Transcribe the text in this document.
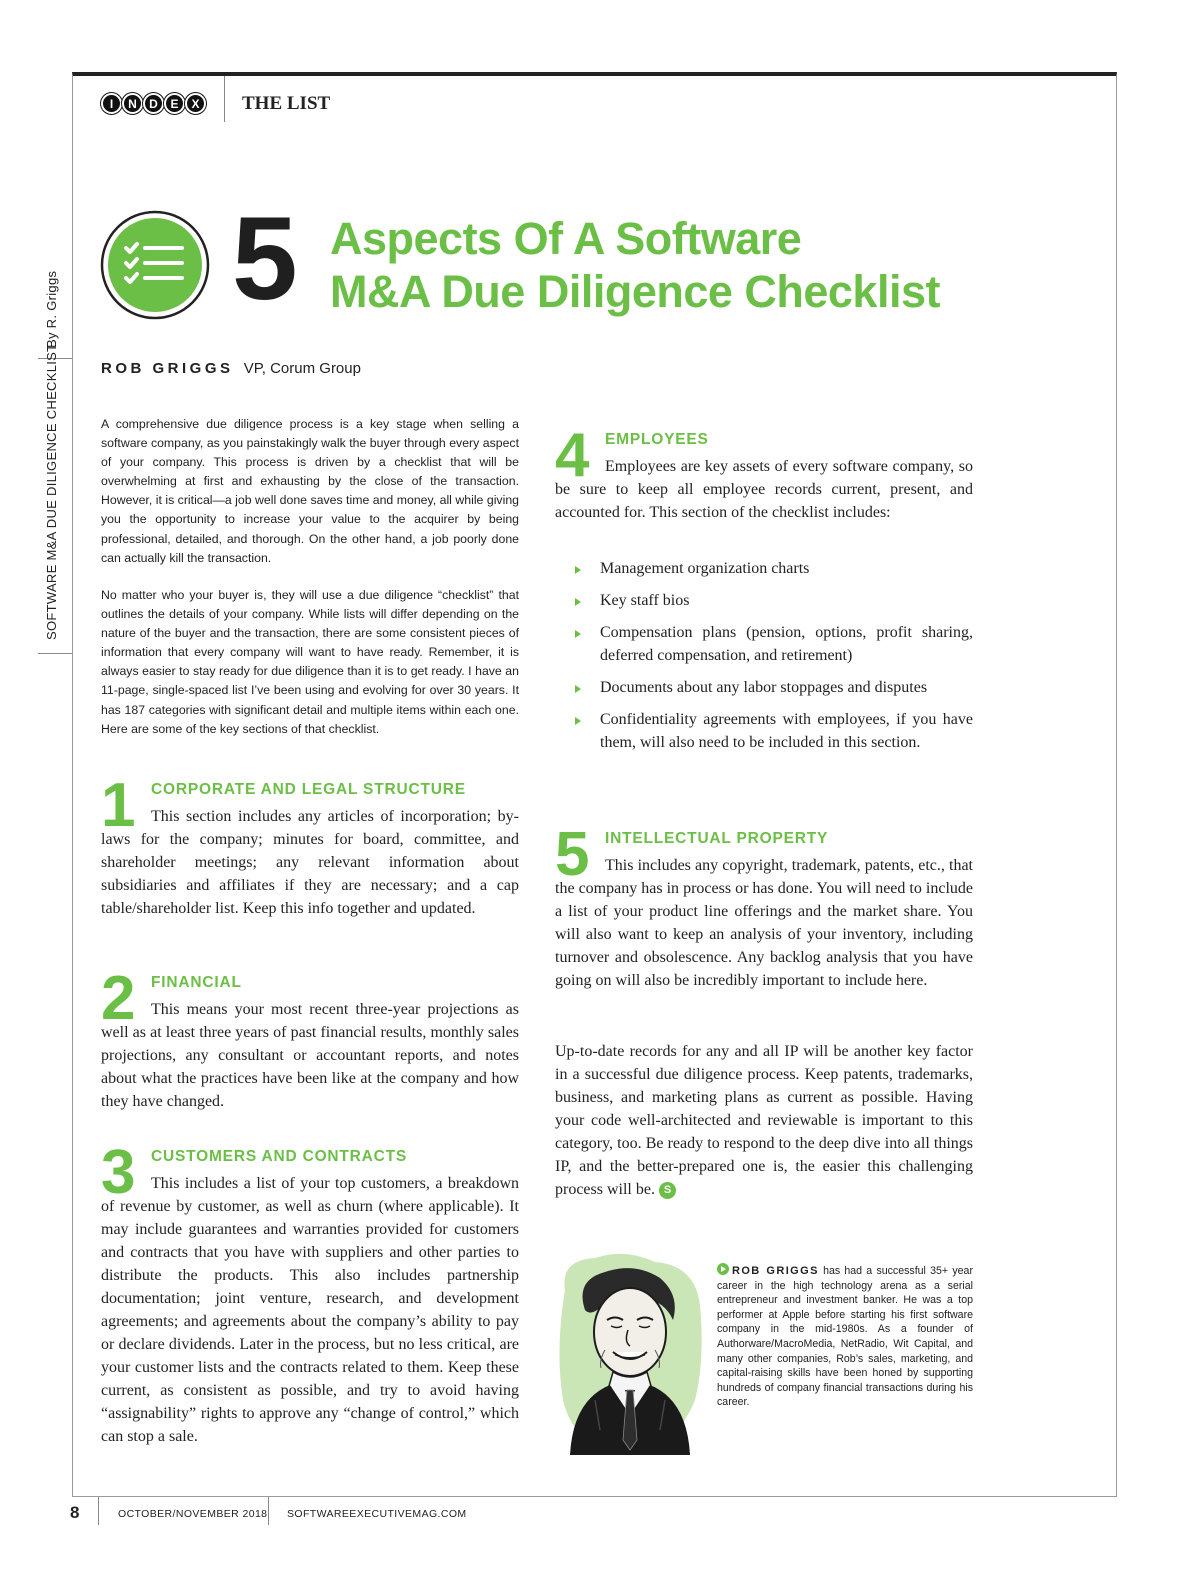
I	N	D	E	X	THE LIST
By R. Griggs
SOFTWARE M&A DUE DILIGENCE CHECKLIST
5 Aspects Of A Software
M&A Due Diligence Checklist
ROB GRIGGS VP, Corum Group

A comprehensive due diligence process is a key stage when selling a software company, as you painstakingly walk the buyer through every aspect of your company. This process is driven by a checklist that will be overwhelming at first and exhausting by the close of the transaction. However, it is critical—a job well done saves time and money, all while giving you the opportunity to increase your value to the acquirer by being professional, detailed, and thorough. On the other hand, a job poorly done can actually kill the transaction.

No matter who your buyer is, they will use a due diligence “checklist” that outlines the details of your company. While lists will differ depending on the nature of the buyer and the transaction, there are some consistent pieces of information that every company will want to have ready. Remember, it is always easier to stay ready for due diligence than it is to get ready. I have an 11-page, single-spaced list I’ve been using and evolving for over 30 years. It has 187 categories with significant detail and multiple items within each one. Here are some of the key sections of that checklist.

1 CORPORATE AND LEGAL STRUCTURE

This section includes any articles of incorporation; by-laws for the company; minutes for board, committee, and shareholder meetings; any relevant information about subsidiaries and affiliates if they are necessary; and a cap table/shareholder list. Keep this info together and updated.

2 FINANCIAL

This means your most recent three-year projections as well as at least three years of past financial results, monthly sales projections, any consultant or accountant reports, and notes about what the practices have been like at the company and how they have changed.

3 CUSTOMERS AND CONTRACTS

This includes a list of your top customers, a breakdown of revenue by customer, as well as churn (where applicable). It may include guarantees and warranties provided for customers and contracts that you have with suppliers and other parties to distribute the products. This also includes partnership documentation; joint venture, research, and development agreements; and agreements about the company’s ability to pay or declare dividends. Later in the process, but no less critical, are your customer lists and the contracts related to them. Keep these current, as consistent as possible, and try to avoid having “assignability” rights to approve any “change of control,” which can stop a sale.

4 EMPLOYEES

Employees are key assets of every software company, so be sure to keep all employee records current, present, and accounted for. This section of the checklist includes:

Management organization charts
Key staff bios
Compensation plans (pension, options, profit sharing, deferred compensation, and retirement)
Documents about any labor stoppages and disputes
Confidentiality agreements with employees, if you have them, will also need to be included in this section.
5 INTELLECTUAL PROPERTY

This includes any copyright, trademark, patents, etc., that the company has in process or has done. You will need to include a list of your product line offerings and the market share. You will also want to keep an analysis of your inventory, including turnover and obsolescence. Any backlog analysis that you have going on will also be incredibly important to include here.

Up-to-date records for any and all IP will be another key factor in a successful due diligence process. Keep patents, trademarks, business, and marketing plans as current as possible. Having your code well-architected and reviewable is important to this category, too. Be ready to respond to the deep dive into all things IP, and the better-prepared one is, the easier this challenging process will be. S

ROB GRIGGS has had a successful 35+ year career in the high technology arena as a serial entrepreneur and investment banker. He was a top performer at Apple before starting his first software company in the mid-1980s. As a founder of Authorware/MacroMedia, NetRadio, Wit Capital, and many other companies, Rob’s sales, marketing, and capital-raising skills have been honed by supporting hundreds of company financial transactions during his career.
8	OCTOBER/NOVEMBER 2018 SOFTWAREEXECUTIVEMAG.COM
